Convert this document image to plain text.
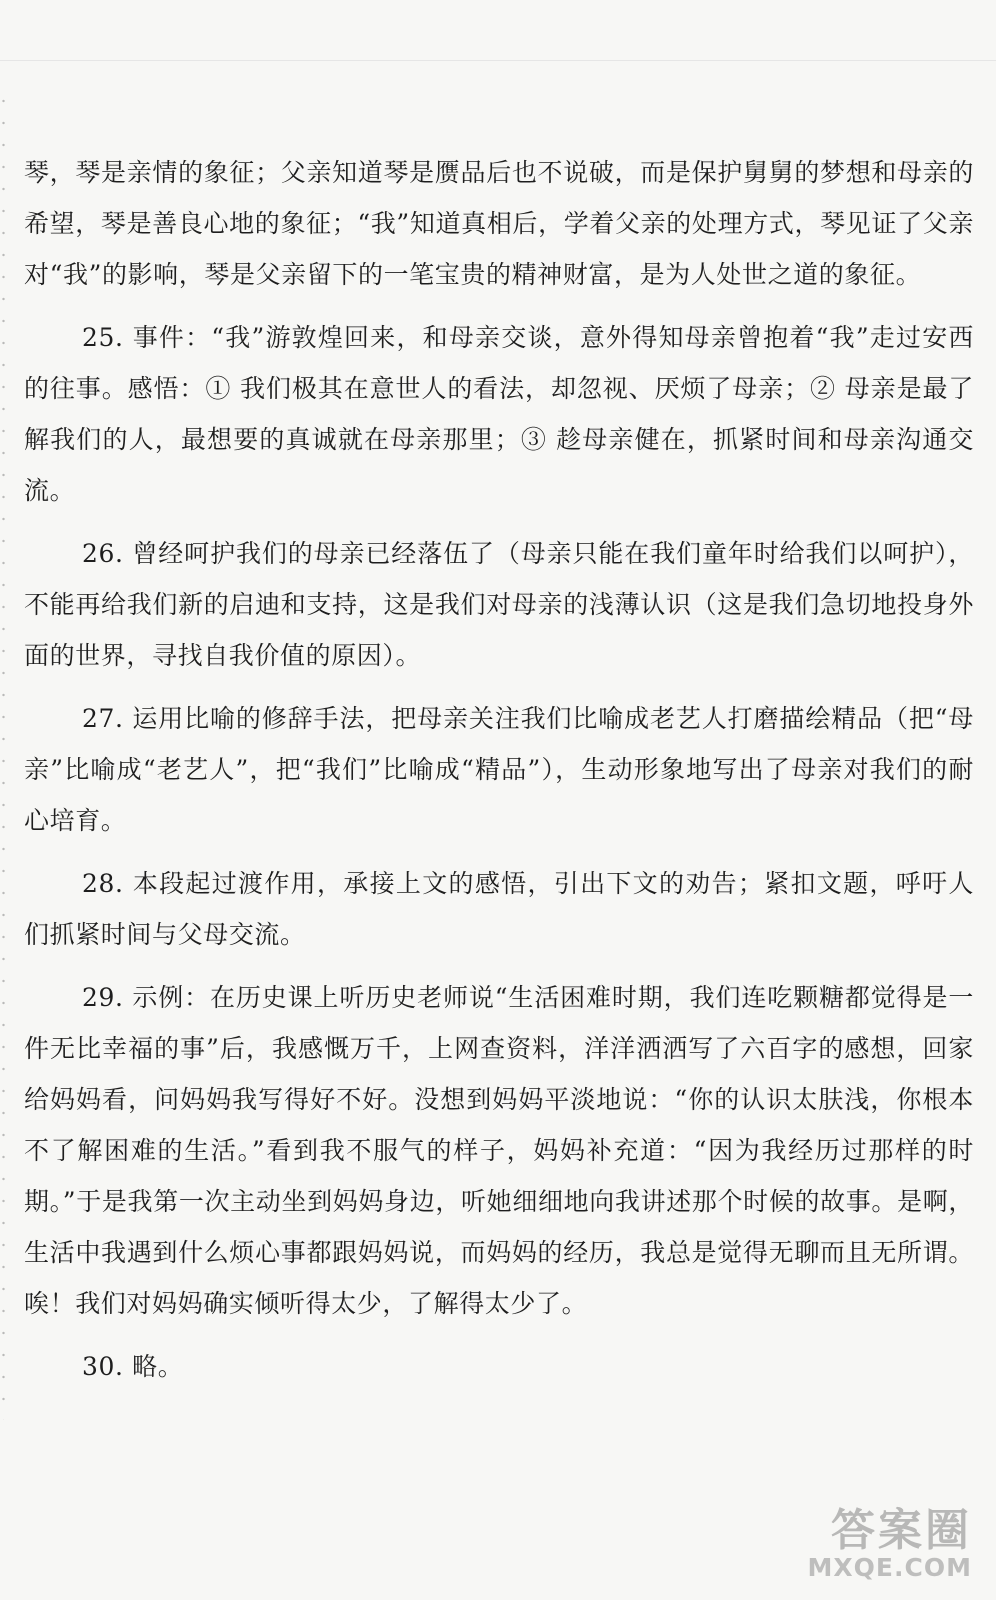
琴，琴是亲情的象征；父亲知道琴是赝品后也不说破，而是保护舅舅的梦想和母亲的希望，琴是善良心地的象征；“我”知道真相后，学着父亲的处理方式，琴见证了父亲对“我”的影响，琴是父亲留下的一笔宝贵的精神财富，是为人处世之道的象征。

25. 事件：“我”游敦煌回来，和母亲交谈，意外得知母亲曾抱着“我”走过安西的往事。感悟：① 我们极其在意世人的看法，却忽视、厌烦了母亲；② 母亲是最了解我们的人，最想要的真诚就在母亲那里；③ 趁母亲健在，抓紧时间和母亲沟通交流。

26. 曾经呵护我们的母亲已经落伍了（母亲只能在我们童年时给我们以呵护），不能再给我们新的启迪和支持，这是我们对母亲的浅薄认识（这是我们急切地投身外面的世界，寻找自我价值的原因）。

27. 运用比喻的修辞手法，把母亲关注我们比喻成老艺人打磨描绘精品（把“母亲”比喻成“老艺人”，把“我们”比喻成“精品”），生动形象地写出了母亲对我们的耐心培育。

28. 本段起过渡作用，承接上文的感悟，引出下文的劝告；紧扣文题，呼吁人们抓紧时间与父母交流。

29. 示例：在历史课上听历史老师说“生活困难时期，我们连吃颗糖都觉得是一件无比幸福的事”后，我感慨万千，上网查资料，洋洋洒洒写了六百字的感想，回家给妈妈看，问妈妈我写得好不好。没想到妈妈平淡地说：“你的认识太肤浅，你根本不了解困难的生活。”看到我不服气的样子，妈妈补充道：“因为我经历过那样的时期。”于是我第一次主动坐到妈妈身边，听她细细地向我讲述那个时候的故事。是啊，生活中我遇到什么烦心事都跟妈妈说，而妈妈的经历，我总是觉得无聊而且无所谓。唉！我们对妈妈确实倾听得太少，了解得太少了。

30. 略。

答案圈
MXQE.COM
